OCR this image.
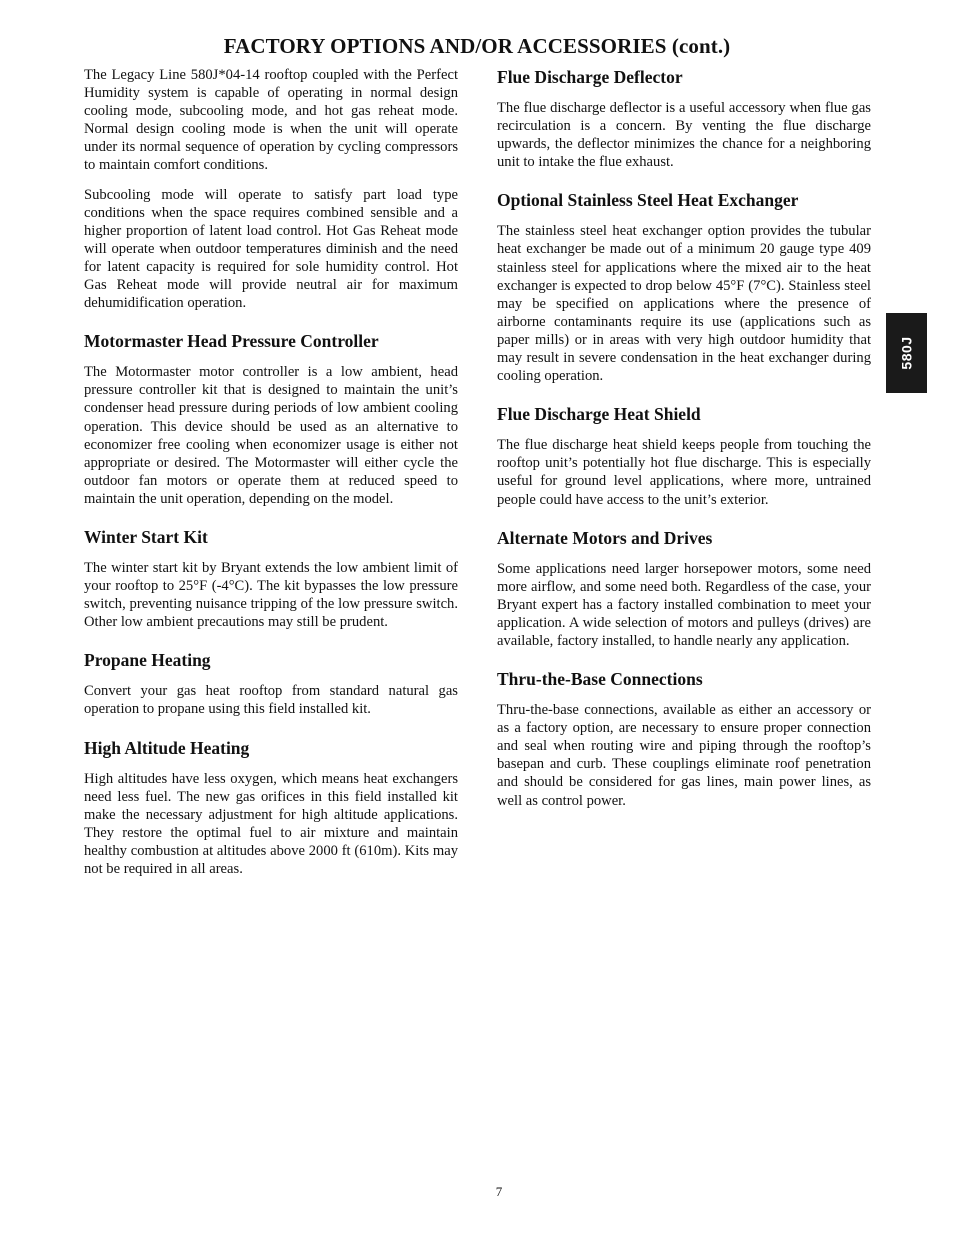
FACTORY OPTIONS AND/OR ACCESSORIES (cont.)

The Legacy Line 580J*04-14 rooftop coupled with the Perfect Humidity system is capable of operating in normal design cooling mode, subcooling mode, and hot gas reheat mode. Normal design cooling mode is when the unit will operate under its normal sequence of operation by cycling compressors to maintain comfort conditions.

Subcooling mode will operate to satisfy part load type conditions when the space requires combined sensible and a higher proportion of latent load control. Hot Gas Reheat mode will operate when outdoor temperatures diminish and the need for latent capacity is required for sole humidity control. Hot Gas Reheat mode will provide neutral air for maximum dehumidification operation.

Motormaster Head Pressure Controller

The Motormaster motor controller is a low ambient, head pressure controller kit that is designed to maintain the unit’s condenser head pressure during periods of low ambient cooling operation. This device should be used as an alternative to economizer free cooling when economizer usage is either not appropriate or desired. The Motormaster will either cycle the outdoor fan motors or operate them at reduced speed to maintain the unit operation, depending on the model.

Winter Start Kit

The winter start kit by Bryant extends the low ambient limit of your rooftop to 25°F (-4°C). The kit bypasses the low pressure switch, preventing nuisance tripping of the low pressure switch. Other low ambient precautions may still be prudent.

Propane Heating

Convert your gas heat rooftop from standard natural gas operation to propane using this field installed kit.

High Altitude Heating

High altitudes have less oxygen, which means heat exchangers need less fuel. The new gas orifices in this field installed kit make the necessary adjustment for high altitude applications. They restore the optimal fuel to air mixture and maintain healthy combustion at altitudes above 2000 ft (610m). Kits may not be required in all areas.

Flue Discharge Deflector

The flue discharge deflector is a useful accessory when flue gas recirculation is a concern. By venting the flue discharge upwards, the deflector minimizes the chance for a neighboring unit to intake the flue exhaust.

Optional Stainless Steel Heat Exchanger

The stainless steel heat exchanger option provides the tubular heat exchanger be made out of a minimum 20 gauge type 409 stainless steel for applications where the mixed air to the heat exchanger is expected to drop below 45°F (7°C). Stainless steel may be specified on applications where the presence of airborne contaminants require its use (applications such as paper mills) or in areas with very high outdoor humidity that may result in severe condensation in the heat exchanger during cooling operation.

Flue Discharge Heat Shield

The flue discharge heat shield keeps people from touching the rooftop unit’s potentially hot flue discharge. This is especially useful for ground level applications, where more, untrained people could have access to the unit’s exterior.

Alternate Motors and Drives

Some applications need larger horsepower motors, some need more airflow, and some need both. Regardless of the case, your Bryant expert has a factory installed combination to meet your application. A wide selection of motors and pulleys (drives) are available, factory installed, to handle nearly any application.

Thru-the-Base Connections

Thru-the-base connections, available as either an accessory or as a factory option, are necessary to ensure proper connection and seal when routing wire and piping through the rooftop’s basepan and curb. These couplings eliminate roof penetration and should be considered for gas lines, main power lines, as well as control power.

580J
7
